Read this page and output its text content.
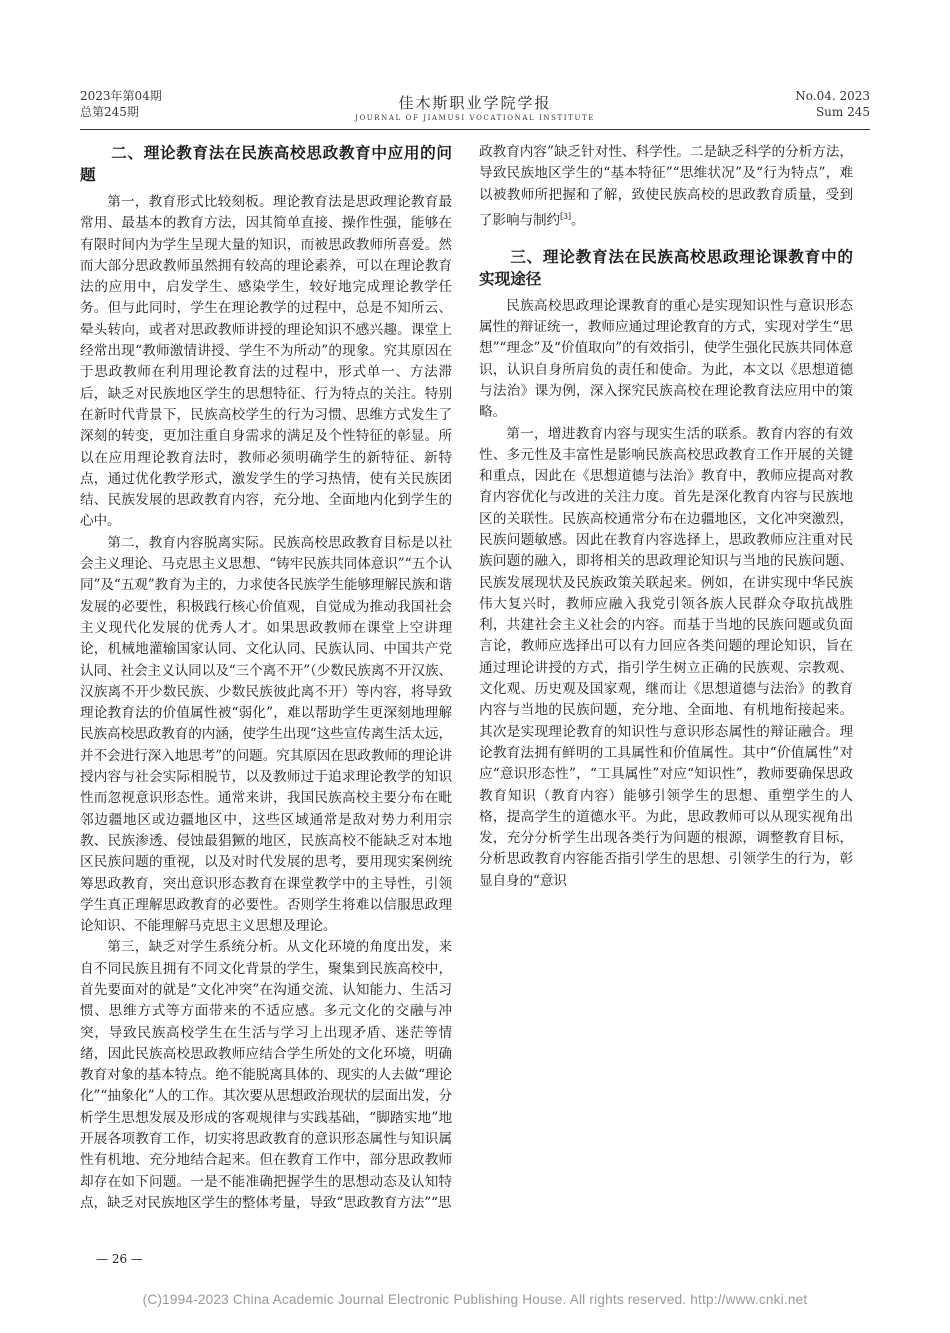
2023年第04期
总第245期	佳木斯职业学院学报
JOURNAL OF JIAMUSI VOCATIONAL INSTITUTE
No.04. 2023
Sum 245
二、理论教育法在民族高校思政教育中应用的问题

第一，教育形式比较刻板。理论教育法是思政理论教育最常用、最基本的教育方法，因其简单直接、操作性强，能够在有限时间内为学生呈现大量的知识，而被思政教师所喜爱。然而大部分思政教师虽然拥有较高的理论素养，可以在理论教育法的应用中，启发学生、感染学生，较好地完成理论教学任务。但与此同时，学生在理论教学的过程中，总是不知所云、晕头转向，或者对思政教师讲授的理论知识不感兴趣。课堂上经常出现“教师激情讲授、学生不为所动”的现象。究其原因在于思政教师在利用理论教育法的过程中，形式单一、方法滞后，缺乏对民族地区学生的思想特征、行为特点的关注。特别在新时代背景下，民族高校学生的行为习惯、思维方式发生了深刻的转变，更加注重自身需求的满足及个性特征的彰显。所以在应用理论教育法时，教师必须明确学生的新特征、新特点，通过优化教学形式，激发学生的学习热情，使有关民族团结、民族发展的思政教育内容，充分地、全面地内化到学生的心中。

第二，教育内容脱离实际。民族高校思政教育目标是以社会主义理论、马克思主义思想、“铸牢民族共同体意识”“五个认同”及“五观”教育为主的，力求使各民族学生能够理解民族和谐发展的必要性，积极践行核心价值观，自觉成为推动我国社会主义现代化发展的优秀人才。如果思政教师在课堂上空讲理论，机械地灌输国家认同、文化认同、民族认同、中国共产党认同、社会主义认同以及“三个离不开”（少数民族离不开汉族、汉族离不开少数民族、少数民族彼此离不开）等内容，将导致理论教育法的价值属性被“弱化”，难以帮助学生更深刻地理解民族高校思政教育的内涵，使学生出现“这些宣传离生活太远，并不会进行深入地思考”的问题。究其原因在思政教师的理论讲授内容与社会实际相脱节，以及教师过于追求理论教学的知识性而忽视意识形态性。通常来讲，我国民族高校主要分布在毗邻边疆地区或边疆地区中，这些区域通常是敌对势力利用宗教、民族渗透、侵蚀最猖獗的地区，民族高校不能缺乏对本地区民族问题的重视，以及对时代发展的思考，要用现实案例统筹思政教育，突出意识形态教育在课堂教学中的主导性，引领学生真正理解思政教育的必要性。否则学生将难以信服思政理论知识、不能理解马克思主义思想及理论。

第三，缺乏对学生系统分析。从文化环境的角度出发，来自不同民族且拥有不同文化背景的学生，聚集到民族高校中，首先要面对的就是“文化冲突”在沟通交流、认知能力、生活习惯、思维方式等方面带来的不适应感。多元文化的交融与冲突，导致民族高校学生在生活与学习上出现矛盾、迷茫等情绪，因此民族高校思政教师应结合学生所处的文化环境，明确教育对象的基本特点。绝不能脱离具体的、现实的人去做“理论化”“抽象化”人的工作。其次要从思想政治现状的层面出发，分析学生思想发展及形成的客观规律与实践基础，“脚踏实地”地开展各项教育工作，切实将思政教育的意识形态属性与知识属性有机地、充分地结合起来。但在教育工作中，部分思政教师却存在如下问题。一是不能准确把握学生的思想动态及认知特点，缺乏对民族地区学生的整体考量，导致“思政教育方法”“思

政教育内容”缺乏针对性、科学性。二是缺乏科学的分析方法，导致民族地区学生的“基本特征”“思维状况”及“行为特点”，难以被教师所把握和了解，致使民族高校的思政教育质量，受到了影响与制约[3]。

三、理论教育法在民族高校思政理论课教育中的实现途径

民族高校思政理论课教育的重心是实现知识性与意识形态属性的辩证统一，教师应通过理论教育的方式，实现对学生“思想”“理念”及“价值取向”的有效指引，使学生强化民族共同体意识，认识自身所肩负的责任和使命。为此，本文以《思想道德与法治》课为例，深入探究民族高校在理论教育法应用中的策略。

第一，增进教育内容与现实生活的联系。教育内容的有效性、多元性及丰富性是影响民族高校思政教育工作开展的关键和重点，因此在《思想道德与法治》教育中，教师应提高对教育内容优化与改进的关注力度。首先是深化教育内容与民族地区的关联性。民族高校通常分布在边疆地区，文化冲突激烈，民族问题敏感。因此在教育内容选择上，思政教师应注重对民族问题的融入，即将相关的思政理论知识与当地的民族问题、民族发展现状及民族政策关联起来。例如，在讲实现中华民族伟大复兴时，教师应融入我党引领各族人民群众夺取抗战胜利，共建社会主义社会的内容。而基于当地的民族问题或负面言论，教师应选择出可以有力回应各类问题的理论知识，旨在通过理论讲授的方式，指引学生树立正确的民族观、宗教观、文化观、历史观及国家观，继而让《思想道德与法治》的教育内容与当地的民族问题，充分地、全面地、有机地衔接起来。其次是实现理论教育的知识性与意识形态属性的辩证融合。理论教育法拥有鲜明的工具属性和价值属性。其中“价值属性”对应“意识形态性”，“工具属性”对应“知识性”，教师要确保思政教育知识（教育内容）能够引领学生的思想、重塑学生的人格，提高学生的道德水平。为此，思政教师可以从现实视角出发，充分分析学生出现各类行为问题的根源，调整教育目标，分析思政教育内容能否指引学生的思想、引领学生的行为，彰显自身的“意识

— 26 —
(C)1994-2023 China Academic Journal Electronic Publishing House. All rights reserved. http://www.cnki.net
